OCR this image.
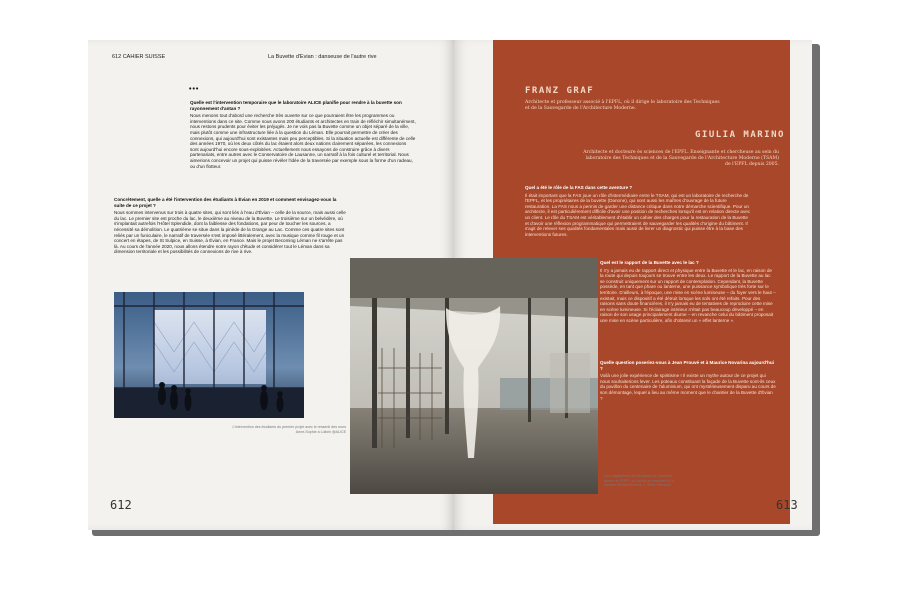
612 CAHIER SUISSE	La Buvette d'Evian : danseuse de l'autre rive
•••

Quelle est l'intervention temporaire que le laboratoire ALICE planifie pour rendre à la buvette son rayonnement d'antan ?

Nous menons tout d'abord une recherche très ouverte sur ce que pourraient être les programmes ou interventions dans ce site. Comme nous avons 200 étudiants et architectes en train de réfléchir simultanément, nous restons prudents pour éviter les préjugés. Je ne vois pas la Buvette comme un objet séparé de la ville, mais plutôt comme une infrastructure liée à la question du Léman. Elle pourrait permettre de créer des connexions, qui aujourd'hui sont existantes mais peu perceptibles. Si la situation actuelle est différente de celle des années 1970, où les deux côtés du lac étaient alors deux nations clairement séparées, les connexions sont aujourd'hui encore sous-exploitées. Actuellement nous essayons de construire grâce à divers partenariats, entre autres avec le Conservatoire de Lausanne, un narratif à la fois culturel et territorial. Nous aimerions concevoir un projet qui puisse révéler l'idée de la traversée par exemple sous la forme d'un radeau, ou d'un flotteur.

Concrètement, quelle a été l'intervention des étudiants à Évian en 2019 et comment envisagez-vous la suite de ce projet ?

Nous sommes intervenus sur trois à quatre sites, qui sont liés à l'eau d'Évian – celle de la source, mais aussi celle du lac. Le premier site est proche du lac, le deuxième au niveau de la Buvette. Le troisième sur un belvédère, où s'implantait autrefois l'Hôtel Splendide, dont la faiblesse des fondations, par peur de toucher les sources, a nécessité sa démolition. Le quatrième se situe dans la pinède de la Grange au Lac. Comme ces quatre sites sont reliés par un funiculaire, le narratif de traversée s'est imposé littéralement, avec la musique comme fil rouge et un concert en étapes, de St Sulpice, en Suisse, à Évian, en France. Mais le projet Becoming Léman ne s'arrête pas là. Au cours de l'année 2020, nous allons étendre notre rayon d'étude et considérer tout le Léman dans sa dimension territoriale et les possibilités de connexions de rive à rive.

L'intervention des étudiants du premier projet avec le ressenti des murs Anne-Sophie à Lulloin @ALICE
612
FRANZ GRAF
Architecte et professeur associé à l'EPFL, où il dirige le laboratoire des Techniques et de la Sauvegarde de l'Architecture Moderne.
GIULIA MARINO
Architecte et docteure ès sciences de l'EPFL. Enseignante et chercheuse au sein du laboratoire des Techniques et de la Sauvegarde de l'Architecture Moderne (TSAM) de l'EPFL depuis 2005.

Quel a été le rôle de la FAS dans cette aventure ?

Il était important que la FAS joue un rôle d'intermédiaire entre le TSAM, qui est un laboratoire de recherche de l'EPFL, et les propriétaires de la buvette (Danone), qui sont aussi les maîtres d'ouvrage de la future restauration. La FAS nous a permis de garder une distance critique dans notre démarche scientifique. Pour un architecte, il est particulièrement difficile d'avoir une position de recherches lorsqu'il est en relation directe avec un client. Le rôle du TSAM est véritablement d'établir un cahier des charges pour la restauration de la Buvette et d'avoir une réflexion programmatique qui permettraient de sauvegarder les qualités d'origine du bâtiment. Il s'agit de relever ses qualités fondamentales mais aussi de livrer un diagnostic qui puisse être à la base des interventions futures.

Quel est le rapport de la Buvette avec le lac ?

Il n'y a jamais eu de rapport direct et physique entre la Buvette et le lac, en raison de la route qui depuis toujours se trouve entre les deux. Le rapport de la Buvette au lac se construit uniquement sur un rapport de contemplation. Cependant, la Buvette possède, en tant que phare ou lanterne, une puissance symbolique très forte sur le territoire. D'ailleurs, à l'époque, une mise en scène lumineuse – du foyer vers le haut – existait, mais ce dispositif a été détruit lorsque les sols ont été refaits. Pour des raisons sans doute financières, il n'y jamais eu de tentatives de reproduire cette mise en scène lumineuse. Si l'éclairage intérieur n'était pas beaucoup développé – en raison de son usage principalement diurne – en revanche celui du bâtiment proposait une mise en scène particulière, afin d'obtenir un « effet lanterne ».

Quelle question poseriez-vous à Jean Prouvé et à Maurice Novarina aujourd'hui ?

Voilà une jolie expérience de spiritisme ! Il existe un mythe autour de ce projet qui nous souhaiterions lever. Les poteaux constituant la façade de la Buvette sont-ils ceux du pavillon du centenaire de l'aluminium, qui ont mystérieusement disparu au cours de son démontage, lequel a lieu au même moment que le chantier de la Buvette d'Évian ?

Les installations des étudiants de première année de l'EPFL sur pilotis se mesurent à la buvette d'Évian/Genève © Gilles Verzeroli
613
